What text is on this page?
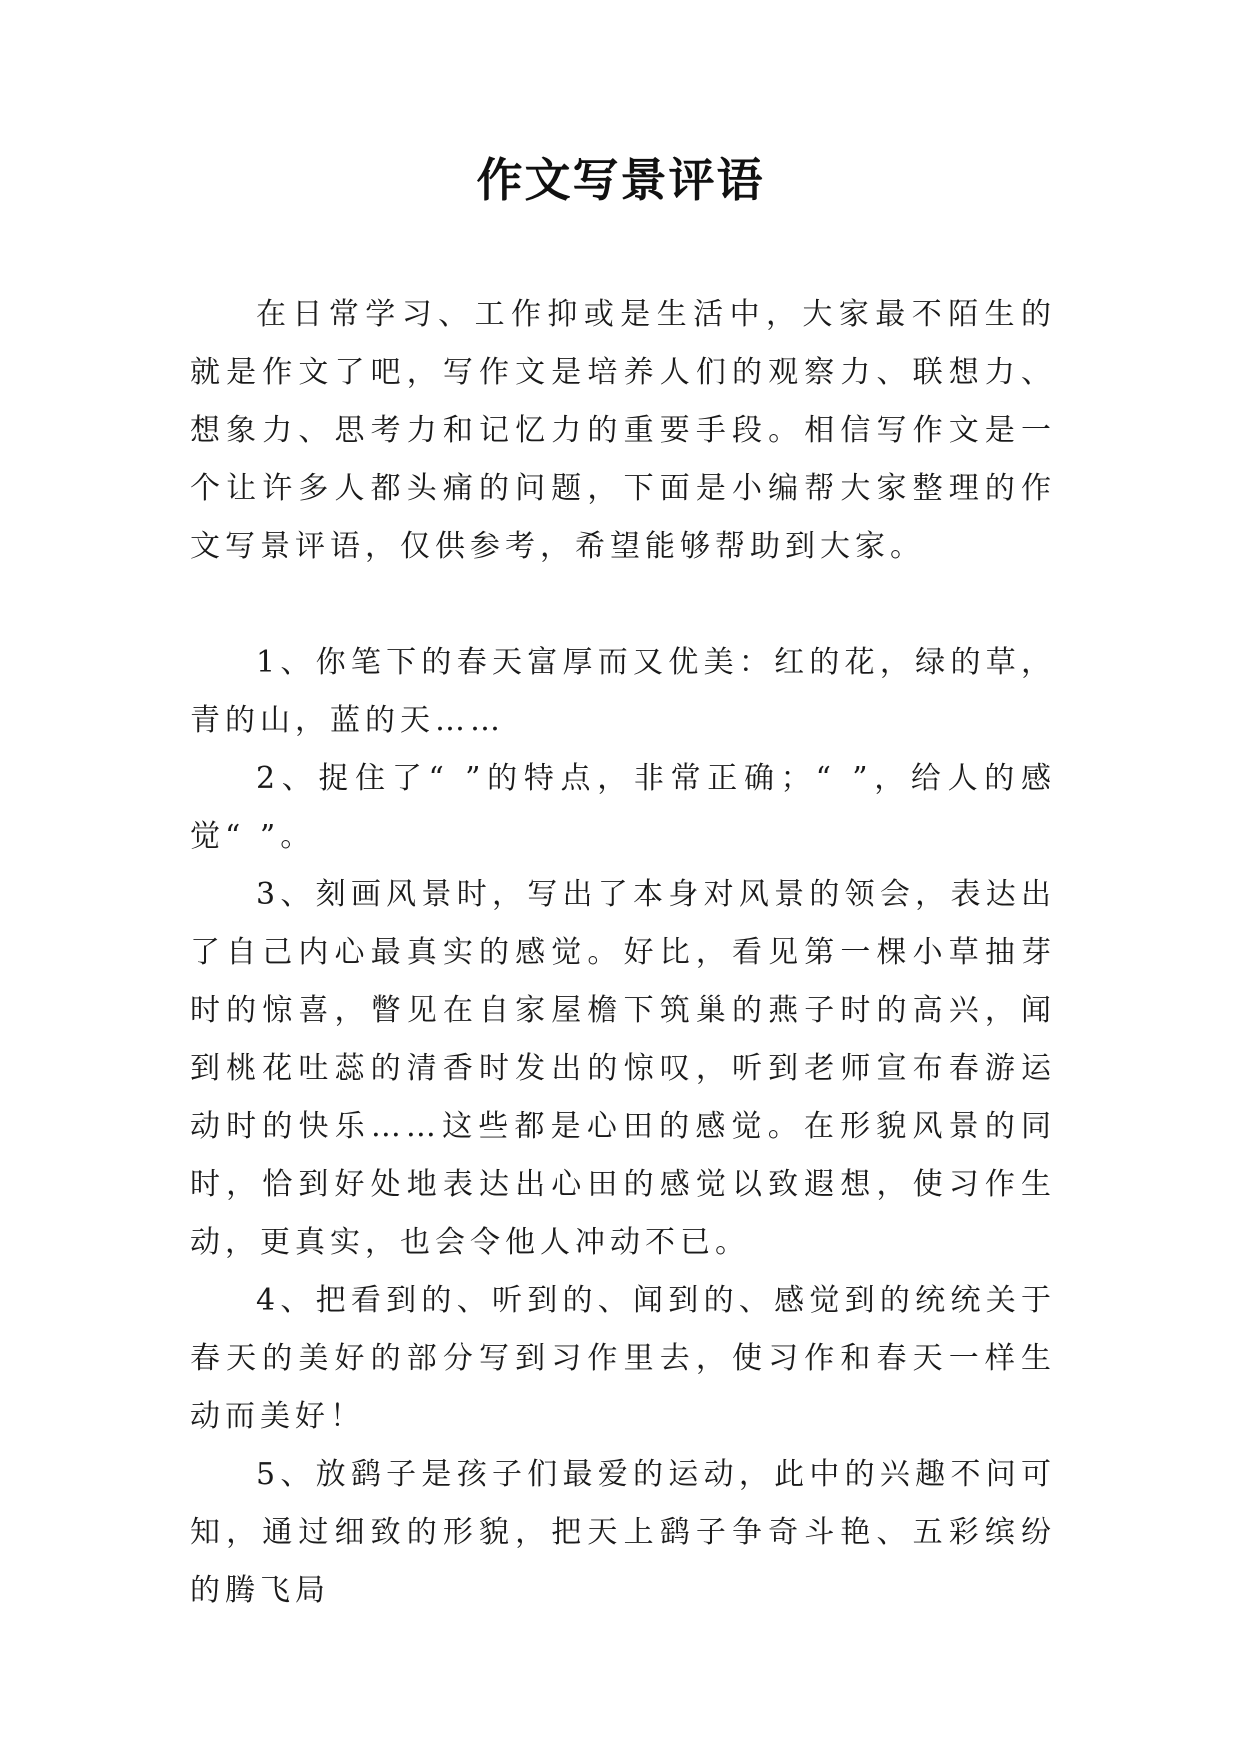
作文写景评语

在日常学习、工作抑或是生活中，大家最不陌生的就是作文了吧，写作文是培养人们的观察力、联想力、想象力、思考力和记忆力的重要手段。相信写作文是一个让许多人都头痛的问题，下面是小编帮大家整理的作文写景评语，仅供参考，希望能够帮助到大家。

1、你笔下的春天富厚而又优美：红的花，绿的草，青的山，蓝的天……

2、捉住了“ ”的特点，非常正确；“ ”，给人的感觉“ ”。

3、刻画风景时，写出了本身对风景的领会，表达出了自己内心最真实的感觉。好比，看见第一棵小草抽芽时的惊喜，瞥见在自家屋檐下筑巢的燕子时的高兴，闻到桃花吐蕊的清香时发出的惊叹，听到老师宣布春游运动时的快乐……这些都是心田的感觉。在形貌风景的同时，恰到好处地表达出心田的感觉以致遐想，使习作生动，更真实，也会令他人冲动不已。

4、把看到的、听到的、闻到的、感觉到的统统关于春天的美好的部分写到习作里去，使习作和春天一样生动而美好！

5、放鹞子是孩子们最爱的运动，此中的兴趣不问可知，通过细致的形貌，把天上鹞子争奇斗艳、五彩缤纷的腾飞局
